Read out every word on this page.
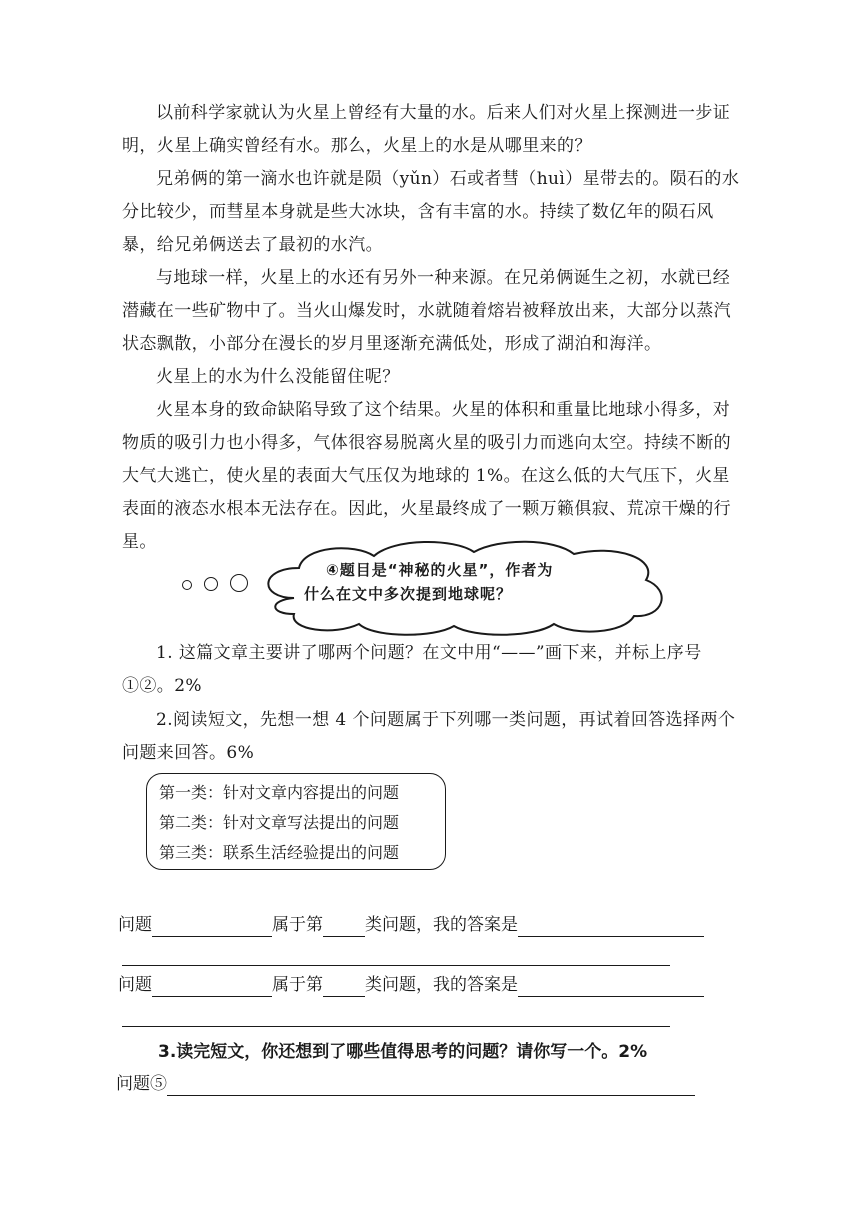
以前科学家就认为火星上曾经有大量的水。后来人们对火星上探测进一步证明，火星上确实曾经有水。那么，火星上的水是从哪里来的？

兄弟俩的第一滴水也许就是陨（yǔn）石或者彗（huì）星带去的。陨石的水分比较少，而彗星本身就是些大冰块，含有丰富的水。持续了数亿年的陨石风暴，给兄弟俩送去了最初的水汽。

与地球一样，火星上的水还有另外一种来源。在兄弟俩诞生之初，水就已经潜藏在一些矿物中了。当火山爆发时，水就随着熔岩被释放出来，大部分以蒸汽状态飘散，小部分在漫长的岁月里逐渐充满低处，形成了湖泊和海洋。

火星上的水为什么没能留住呢？

火星本身的致命缺陷导致了这个结果。火星的体积和重量比地球小得多，对物质的吸引力也小得多，气体很容易脱离火星的吸引力而逃向太空。持续不断的大气大逃亡，使火星的表面大气压仅为地球的 1%。在这么低的大气压下，火星表面的液态水根本无法存在。因此，火星最终成了一颗万籁俱寂、荒凉干燥的行星。

④题目是“神秘的火星”，作者为
什么在文中多次提到地球呢？

1. 这篇文章主要讲了哪两个问题？在文中用“——”画下来，并标上序号①②。2%

2.阅读短文，先想一想 4 个问题属于下列哪一类问题，再试着回答选择两个问题来回答。6%

第一类：针对文章内容提出的问题
第二类：针对文章写法提出的问题
第三类：联系生活经验提出的问题
问题	属于第 类问题，我的答案是
问题	属于第 类问题，我的答案是
3.读完短文，你还想到了哪些值得思考的问题？请你写一个。2%
问题⑤
